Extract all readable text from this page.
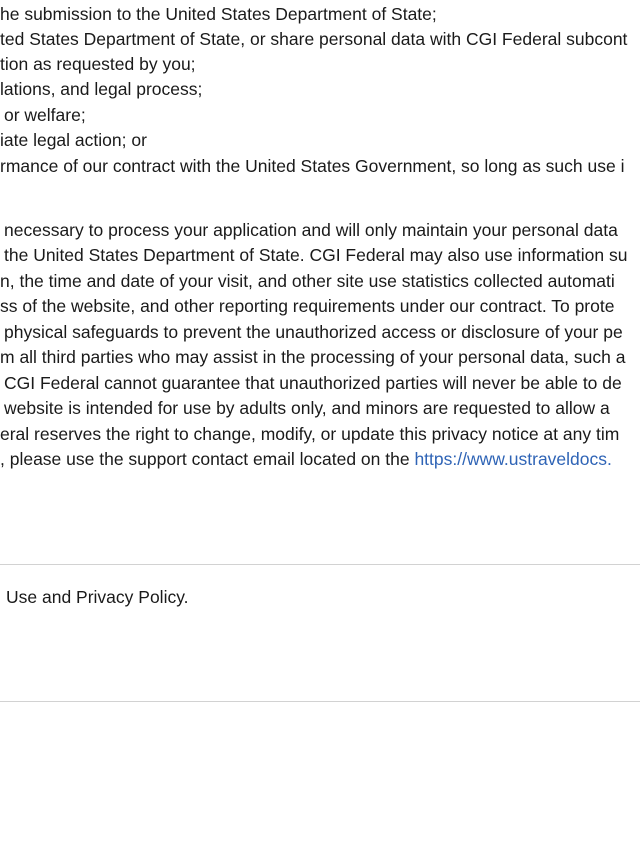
he submission to the United States Department of State;
ted States Department of State, or share personal data with CGI Federal subcont
tion as requested by you;
lations, and legal process;
or welfare;
iate legal action; or
rmance of our contract with the United States Government, so long as such use i
necessary to process your application and will only maintain your personal data
the United States Department of State. CGI Federal may also use information su
n, the time and date of your visit, and other site use statistics collected automati
ss of the website, and other reporting requirements under our contract. To prote
physical safeguards to prevent the unauthorized access or disclosure of your pe
m all third parties who may assist in the processing of your personal data, such a
CGI Federal cannot guarantee that unauthorized parties will never be able to de
website is intended for use by adults only, and minors are requested to allow a
eral reserves the right to change, modify, or update this privacy notice at any tim
, please use the support contact email located on the https://www.ustraveldocs.
Use and Privacy Policy.
